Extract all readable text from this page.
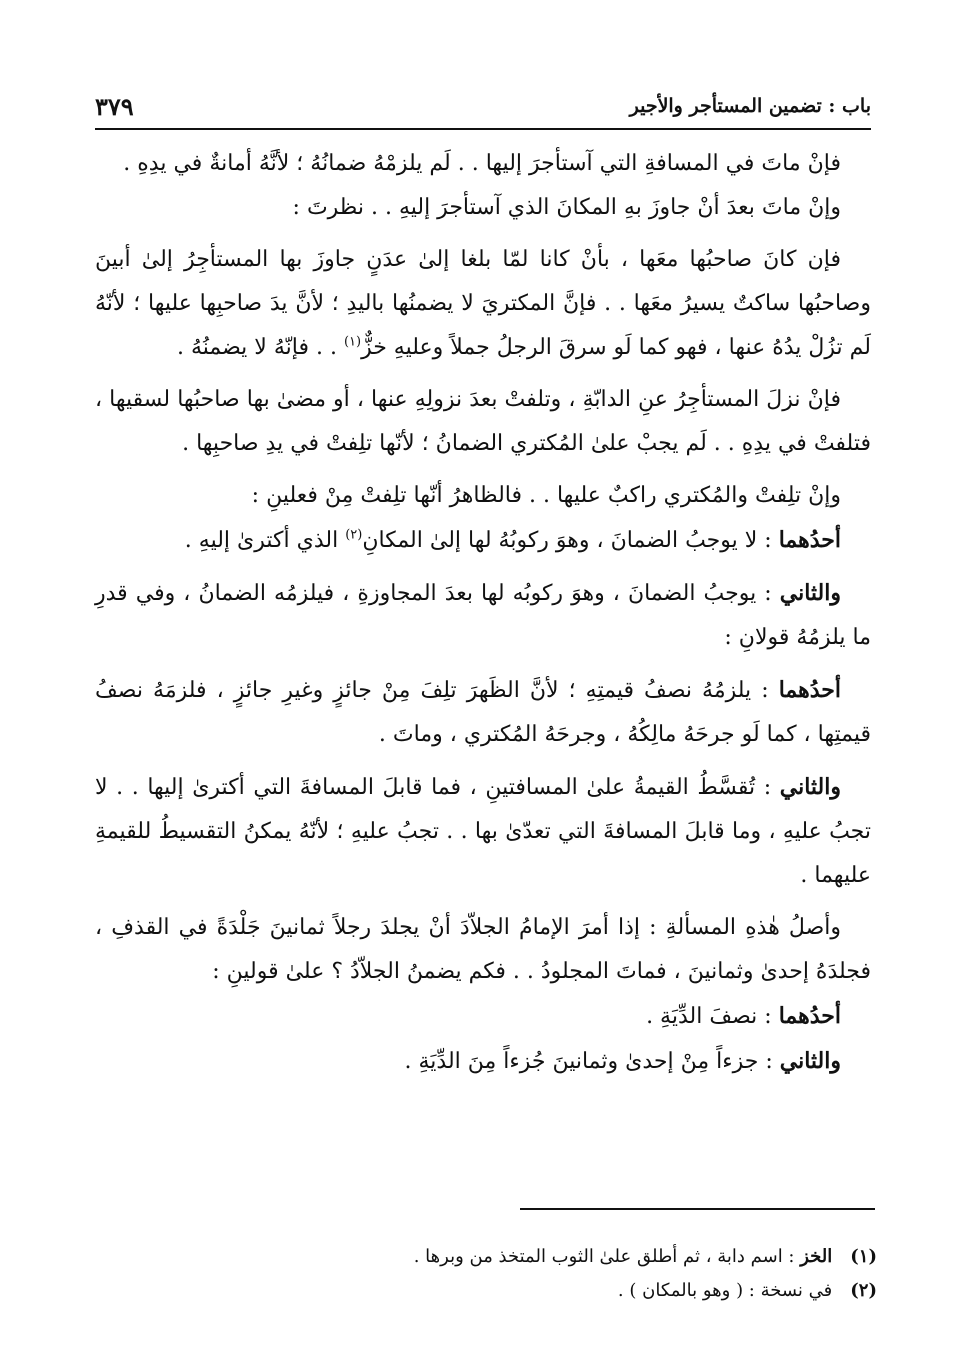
باب : تضمين المستأجر والأجير
٣٧٩

فإنْ ماتَ في المسافةِ التي آستأجرَ إليها . . لَم يلزمْهُ ضمانُهُ ؛ لأنَّهُ أمانةٌ في يدِهِ .

وإنْ ماتَ بعدَ أنْ جاوزَ بهِ المكانَ الذي آستأجرَ إليهِ . . نظرتَ :

فإن كانَ صاحبُها معَها ، بأنْ كانا لمّا بلغا إلىٰ عدَنٍ جاوزَ بها المستأجِرُ إلىٰ أبينَ وصاحبُها ساكتٌ يسيرُ معَها . . فإنَّ المكتريَ لا يضمنُها باليدِ ؛ لأنَّ يدَ صاحبِها عليها ؛ لأنّهُ لَم تزُلْ يدُهُ عنها ، فهو كما لَو سرقَ الرجلُ جملاً وعليهِ خزٌّ$^{(١)}$ . . فإنّهُ لا يضمنُهُ .

فإنْ نزلَ المستأجِرُ عنِ الدابّةِ ، وتلفتْ بعدَ نزولِهِ عنها ، أو مضىٰ بها صاحبُها لسقيها ، فتلفتْ في يدِهِ . . لَم يجبْ علىٰ المُكتري الضمانُ ؛ لأنّها تلِفتْ في يدِ صاحبِها .

وإنْ تلِفتْ والمُكتري راكبٌ عليها . . فالظاهرُ أنّها تلِفتْ مِنْ فعلينِ :

أحدُهما : لا يوجبُ الضمانَ ، وهوَ ركوبُهُ لها إلىٰ المكانِ$^{(٢)}$ الذي أكترىٰ إليهِ .

والثاني : يوجبُ الضمانَ ، وهوَ ركوبُه لها بعدَ المجاوزةِ ، فيلزمُه الضمانُ ، وفي قدرِ ما يلزمُهُ قولانِ :

أحدُهما : يلزمُهُ نصفُ قيمتِهِ ؛ لأنَّ الظَهرَ تلِفَ مِنْ جائزٍ وغيرِ جائزٍ ، فلزمَهُ نصفُ قيمتِها ، كما لَو جرحَهُ مالِكُهُ ، وجرحَهُ المُكتري ، وماتَ .

والثاني : تُقسَّطُ القيمةُ علىٰ المسافتينِ ، فما قابلَ المسافةَ التي أكترىٰ إليها . . لا تجبُ عليهِ ، وما قابلَ المسافةَ التي تعدّىٰ بها . . تجبُ عليهِ ؛ لأنّهُ يمكنُ التقسيطُ للقيمةِ عليهما .

وأصلُ هٰذهِ المسألةِ : إذا أمرَ الإمامُ الجلاّدَ أنْ يجلدَ رجلاً ثمانينَ جَلْدَةً في القذفِ ، فجلدَهُ إحدىٰ وثمانينَ ، فماتَ المجلودُ . . فكم يضمنُ الجلاّدُ ؟ علىٰ قولينِ :

أحدُهما : نصفَ الدِّيَةِ .

والثاني : جزءاً مِنْ إحدىٰ وثمانينَ جُزءاً مِنَ الدِّيَةِ .

(١)
الخز : اسم دابة ، ثم أطلق علىٰ الثوب المتخذ من وبرها .
(٢)
في نسخة : ( وهو بالمكان ) .
